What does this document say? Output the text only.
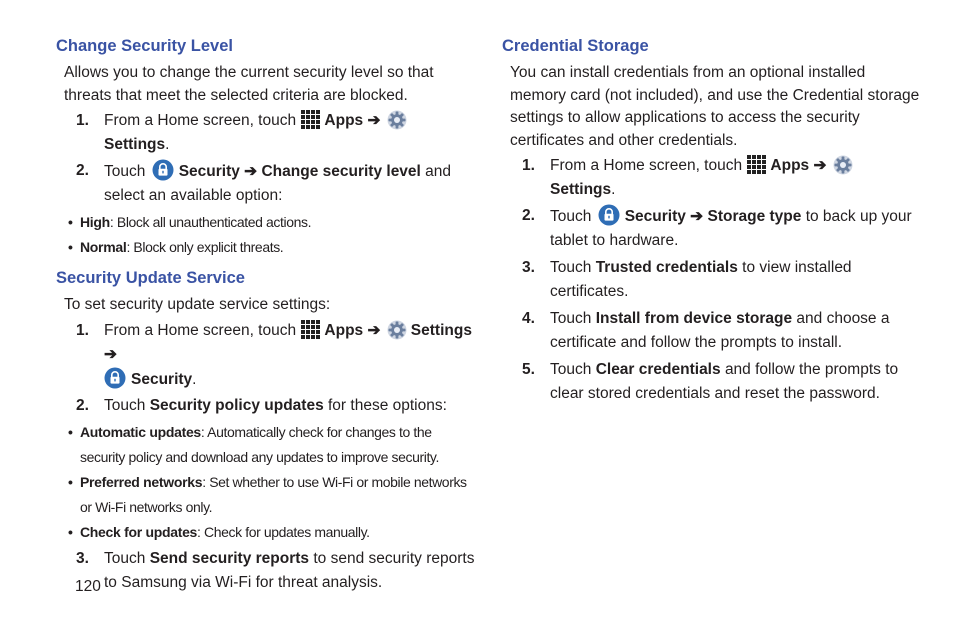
Change Security Level

Allows you to change the current security level so that threats that meet the selected criteria are blocked.

1. From a Home screen, touch Apps ➔ Settings.
2. Touch Security ➔ Change security level and select an available option:
• High: Block all unauthenticated actions.
• Normal: Block only explicit threats.
Security Update Service

To set security update service settings:

1. From a Home screen, touch Apps ➔ Settings ➔
Security.
2. Touch Security policy updates for these options:
• Automatic updates: Automatically check for changes to the security policy and download any updates to improve security.
• Preferred networks: Set whether to use Wi-Fi or mobile networks or Wi-Fi networks only.
• Check for updates: Check for updates manually.
3. Touch Send security reports to send security reports to Samsung via Wi-Fi for threat analysis.
Credential Storage

You can install credentials from an optional installed memory card (not included), and use the Credential storage settings to allow applications to access the security certificates and other credentials.

1. From a Home screen, touch Apps ➔ Settings.
2. Touch Security ➔ Storage type to back up your tablet to hardware.
3. Touch Trusted credentials to view installed certificates.
4. Touch Install from device storage and choose a certificate and follow the prompts to install.
5. Touch Clear credentials and follow the prompts to clear stored credentials and reset the password.
120
